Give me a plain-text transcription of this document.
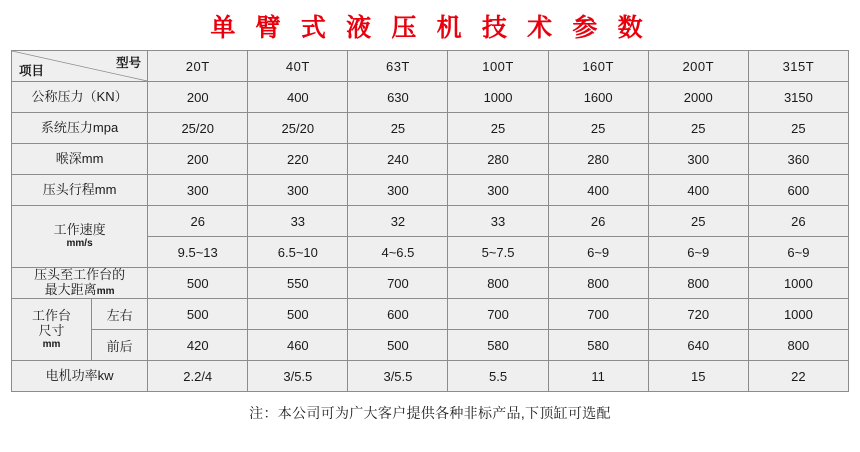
单 臂 式 液 压 机 技 术 参 数
型号
项目		20T	40T	63T	100T	160T	200T	315T
公称压力（KN）		200	400	630	1000	1600	2000	3150
系统压力mpa		25/20	25/20	25	25	25	25	25
喉深mm		200	220	240	280	280	300	360
压头行程mm		300	300	300	300	400	400	600

工作速度
mm/s		26	33	32	33	26	25	26
		9.5~13	6.5~10	4~6.5	5~7.5	6~9	6~9	6~9

压头至工作台的
最大距离mm		500	550	700	800	800	800	1000

工作台
尺寸
mm	左右	500	500	600	700	700	720	1000
	前后	420	460	500	580	580	640	800
电机功率kw		2.2/4	3/5.5	3/5.5	5.5	11	15	22
注：本公司可为广大客户提供各种非标产品,下顶缸可选配
